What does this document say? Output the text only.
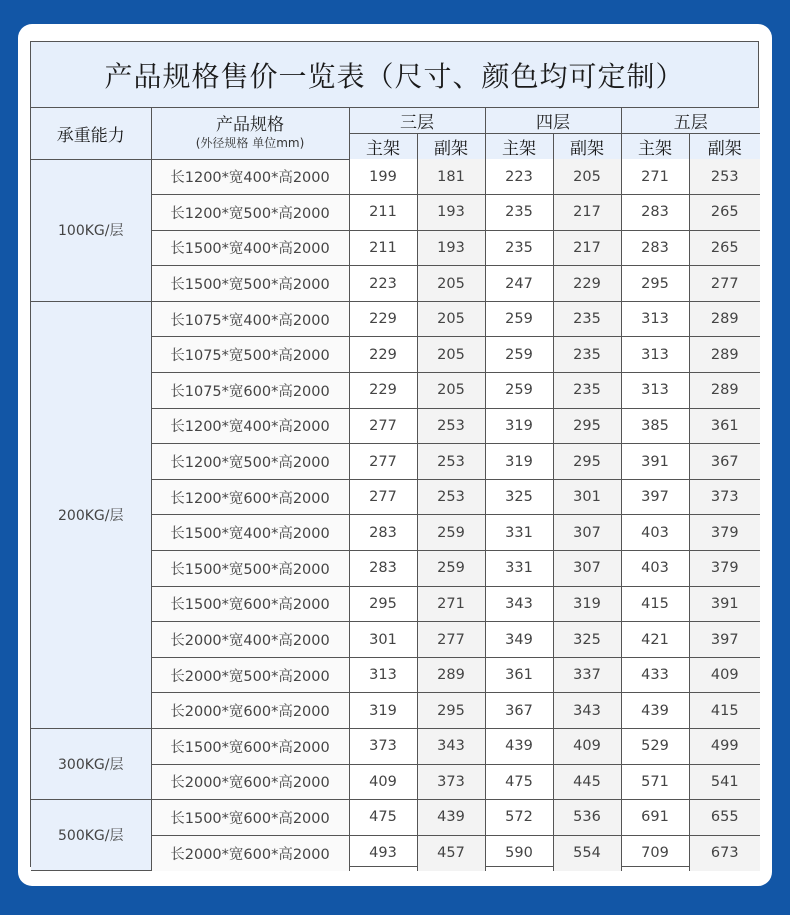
产品规格售价一览表（尺寸、颜色均可定制）
承重能力	产品规格
(外径规格 单位mm)	三层		四层		五层	
		主架	副架	主架	副架	主架	副架
100KG/层	长1200*宽400*高2000	199	181	223	205	271	253
	长1200*宽500*高2000	211	193	235	217	283	265
	长1500*宽400*高2000	211	193	235	217	283	265
	长1500*宽500*高2000	223	205	247	229	295	277
200KG/层	长1075*宽400*高2000	229	205	259	235	313	289
	长1075*宽500*高2000	229	205	259	235	313	289
	长1075*宽600*高2000	229	205	259	235	313	289
	长1200*宽400*高2000	277	253	319	295	385	361
	长1200*宽500*高2000	277	253	319	295	391	367
	长1200*宽600*高2000	277	253	325	301	397	373
	长1500*宽400*高2000	283	259	331	307	403	379
	长1500*宽500*高2000	283	259	331	307	403	379
	长1500*宽600*高2000	295	271	343	319	415	391
	长2000*宽400*高2000	301	277	349	325	421	397
	长2000*宽500*高2000	313	289	361	337	433	409
	长2000*宽600*高2000	319	295	367	343	439	415
300KG/层	长1500*宽600*高2000	373	343	439	409	529	499
	长2000*宽600*高2000	409	373	475	445	571	541
500KG/层	长1500*宽600*高2000	475	439	572	536	691	655
	长2000*宽600*高2000	493	457	590	554	709	673
